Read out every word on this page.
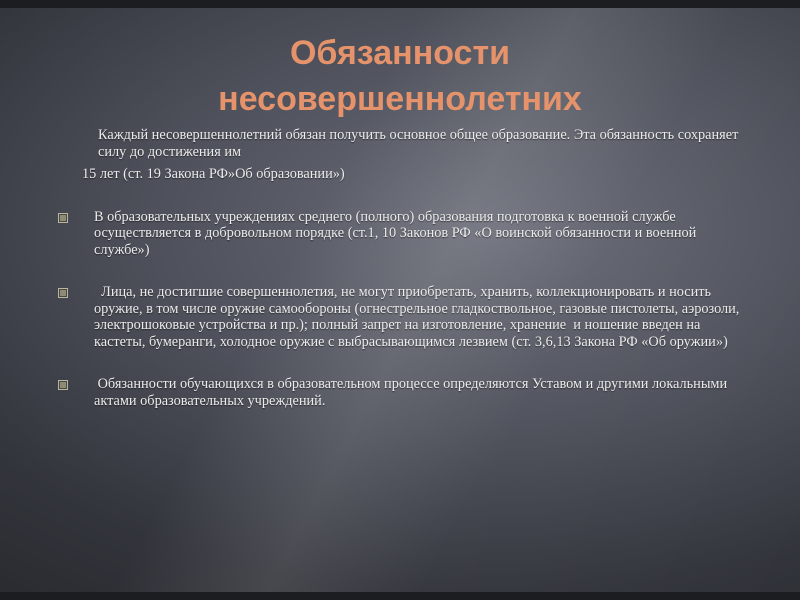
Обязанности
несовершеннолетних

Каждый несовершеннолетний обязан получить основное общее образование. Эта обязанность сохраняет силу до достижения им

15 лет (ст. 19 Закона РФ»Об образовании»)

В образовательных учреждениях среднего (полного) образования подготовка к военной службе осуществляется в добровольном порядке (ст.1, 10 Законов РФ «О воинской обязанности и военной службе»)
Лица, не достигшие совершеннолетия, не могут приобретать, хранить, коллекционировать и носить оружие, в том числе оружие самообороны (огнестрельное гладкоствольное, газовые пистолеты, аэрозоли, электрошоковые устройства и пр.); полный запрет на изготовление, хранение  и ношение введен на кастеты, бумеранги, холодное оружие с выбрасывающимся лезвием (ст. 3,6,13 Закона РФ «Об оружии»)
Обязанности обучающихся в образовательном процессе определяются Уставом и другими локальными актами образовательных учреждений.
